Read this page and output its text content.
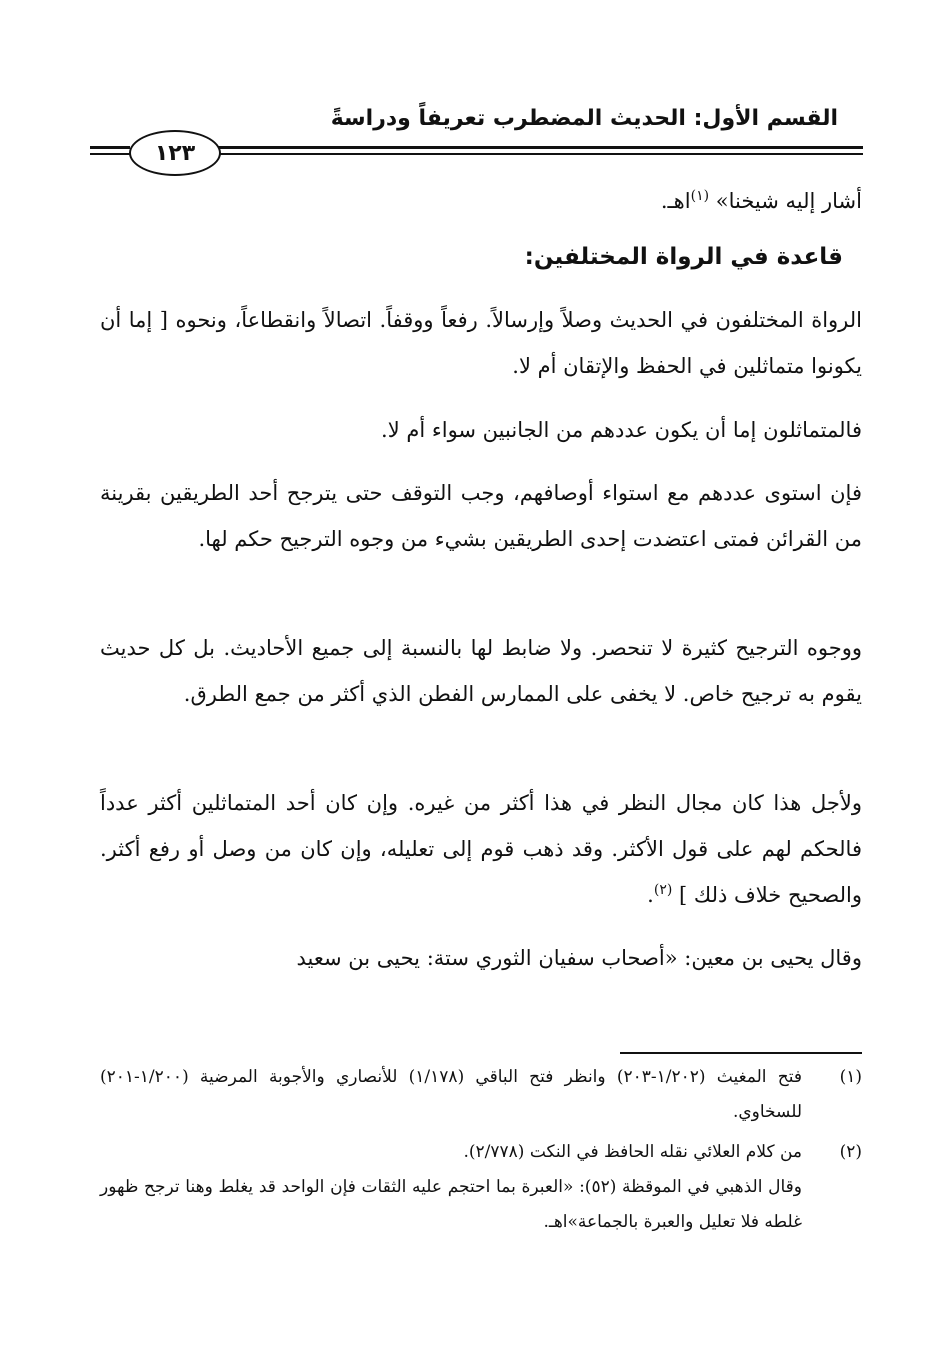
القسم الأول: الحديث المضطرب تعريفاً ودراسةً
١٢٣
أشار إليه شيخنا» $^{(١)}$اهـ.
قاعدة في الرواة المختلفين:
الرواة المختلفون في الحديث وصلاً وإرسالاً. رفعاً ووقفاً. اتصالاً وانقطاعاً، ونحوه [ إما أن يكونوا متماثلين في الحفظ والإتقان أم لا.
فالمتماثلون إما أن يكون عددهم من الجانبين سواء أم لا.
فإن استوى عددهم مع استواء أوصافهم، وجب التوقف حتى يترجح أحد الطريقين بقرينة من القرائن فمتى اعتضدت إحدى الطريقين بشيء من وجوه الترجيح حكم لها.
ووجوه الترجيح كثيرة لا تنحصر. ولا ضابط لها بالنسبة إلى جميع الأحاديث. بل كل حديث يقوم به ترجيح خاص. لا يخفى على الممارس الفطن الذي أكثر من جمع الطرق.
ولأجل هذا كان مجال النظر في هذا أكثر من غيره. وإن كان أحد المتماثلين أكثر عدداً فالحكم لهم على قول الأكثر. وقد ذهب قوم إلى تعليله، وإن كان من وصل أو رفع أكثر. والصحيح خلاف ذلك ] $^{(٢)}$.
وقال يحيى بن معين: «أصحاب سفيان الثوري ستة: يحيى بن سعيد
(١)
فتح المغيث (١/٢٠٢-٢٠٣) وانظر فتح الباقي (١/١٧٨) للأنصاري والأجوبة المرضية (١/٢٠٠-٢٠١) للسخاوي.
(٢)
من كلام العلائي نقله الحافظ في النكت (٢/٧٧٨).
وقال الذهبي في الموقظة (٥٢): «العبرة بما احتجم عليه الثقات فإن الواحد قد يغلط وهنا ترجح ظهور غلطه فلا تعليل والعبرة بالجماعة»اهـ.
